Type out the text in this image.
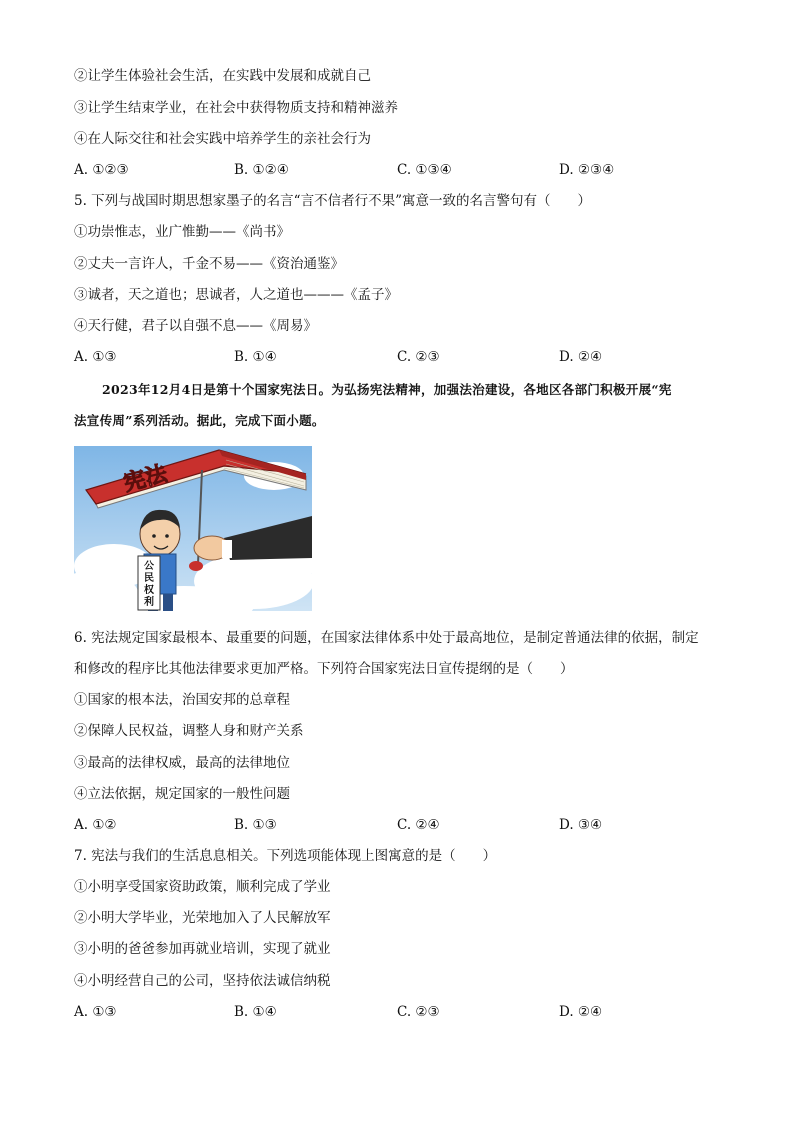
②让学生体验社会生活，在实践中发展和成就自己
③让学生结束学业，在社会中获得物质支持和精神滋养
④在人际交往和社会实践中培养学生的亲社会行为
A. ①②③	B. ①②④	C. ①③④	D. ②③④
5. 下列与战国时期思想家墨子的名言“言不信者行不果”寓意一致的名言警句有（　　）
①功崇惟志，业广惟勤——《尚书》
②丈夫一言许人，千金不易——《资治通鉴》
③诚者，天之道也；思诚者，人之道也———《孟子》
④天行健，君子以自强不息——《周易》
A. ①③	B. ①④	C. ②③	D. ②④
2023年12月4日是第十个国家宪法日。为弘扬宪法精神，加强法治建设，各地区各部门积极开展“宪
法宣传周”系列活动。据此，完成下面小题。
宪法
公
民
权
利
6. 宪法规定国家最根本、最重要的问题，在国家法律体系中处于最高地位，是制定普通法律的依据，制定
和修改的程序比其他法律要求更加严格。下列符合国家宪法日宣传提纲的是（　　）
①国家的根本法，治国安邦的总章程
②保障人民权益，调整人身和财产关系
③最高的法律权威，最高的法律地位
④立法依据，规定国家的一般性问题
A. ①②	B. ①③	C. ②④	D. ③④
7. 宪法与我们的生活息息相关。下列选项能体现上图寓意的是（　　）
①小明享受国家资助政策，顺利完成了学业
②小明大学毕业，光荣地加入了人民解放军
③小明的爸爸参加再就业培训，实现了就业
④小明经营自己的公司，坚持依法诚信纳税
A. ①③	B. ①④	C. ②③	D. ②④
